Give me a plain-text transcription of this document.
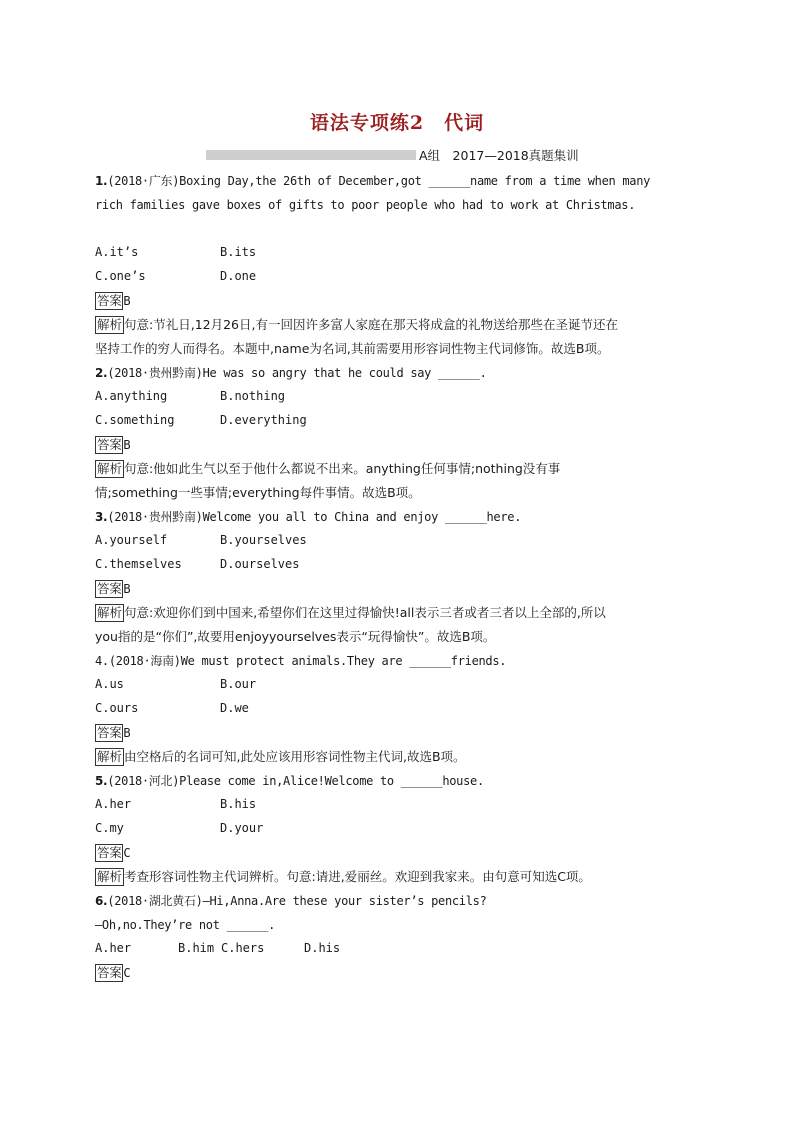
语法专项练2　代词
A组　2017—2018真题集训
1.(2018·广东)Boxing Day,the 26th of December,got ______name from a time when many
rich families gave boxes of gifts to poor people who had to work at Christmas.
A.it’s	B.its
C.one’s	D.one
答案 B
解析 句意:节礼日,12月26日,有一回因许多富人家庭在那天将成盒的礼物送给那些在圣诞节还在
坚持工作的穷人而得名。本题中,name为名词,其前需要用形容词性物主代词修饰。故选B项。
2.(2018·贵州黔南)He was so angry that he could say ______.
A.anything	B.nothing
C.something	D.everything
答案 B
解析 句意:他如此生气以至于他什么都说不出来。anything任何事情;nothing没有事
情;something一些事情;everything每件事情。故选B项。
3.(2018·贵州黔南)Welcome you all to China and enjoy ______here.
A.yourself	B.yourselves
C.themselves	D.ourselves
答案 B
解析 句意:欢迎你们到中国来,希望你们在这里过得愉快!all表示三者或者三者以上全部的,所以
you指的是“你们”,故要用enjoyyourselves表示“玩得愉快”。故选B项。
4.(2018·海南)We must protect animals.They are ______friends.
A.us	B.our
C.ours	D.we
答案 B
解析 由空格后的名词可知,此处应该用形容词性物主代词,故选B项。
5.(2018·河北)Please come in,Alice!Welcome to ______house.
A.her	B.his
C.my	D.your
答案 C
解析 考查形容词性物主代词辨析。句意:请进,爱丽丝。欢迎到我家来。由句意可知选C项。
6.(2018·湖北黄石)—Hi,Anna.Are these your sister’s pencils?
—Oh,no.They’re not ______.
A.her	B.him C.hers	D.his
答案 C
